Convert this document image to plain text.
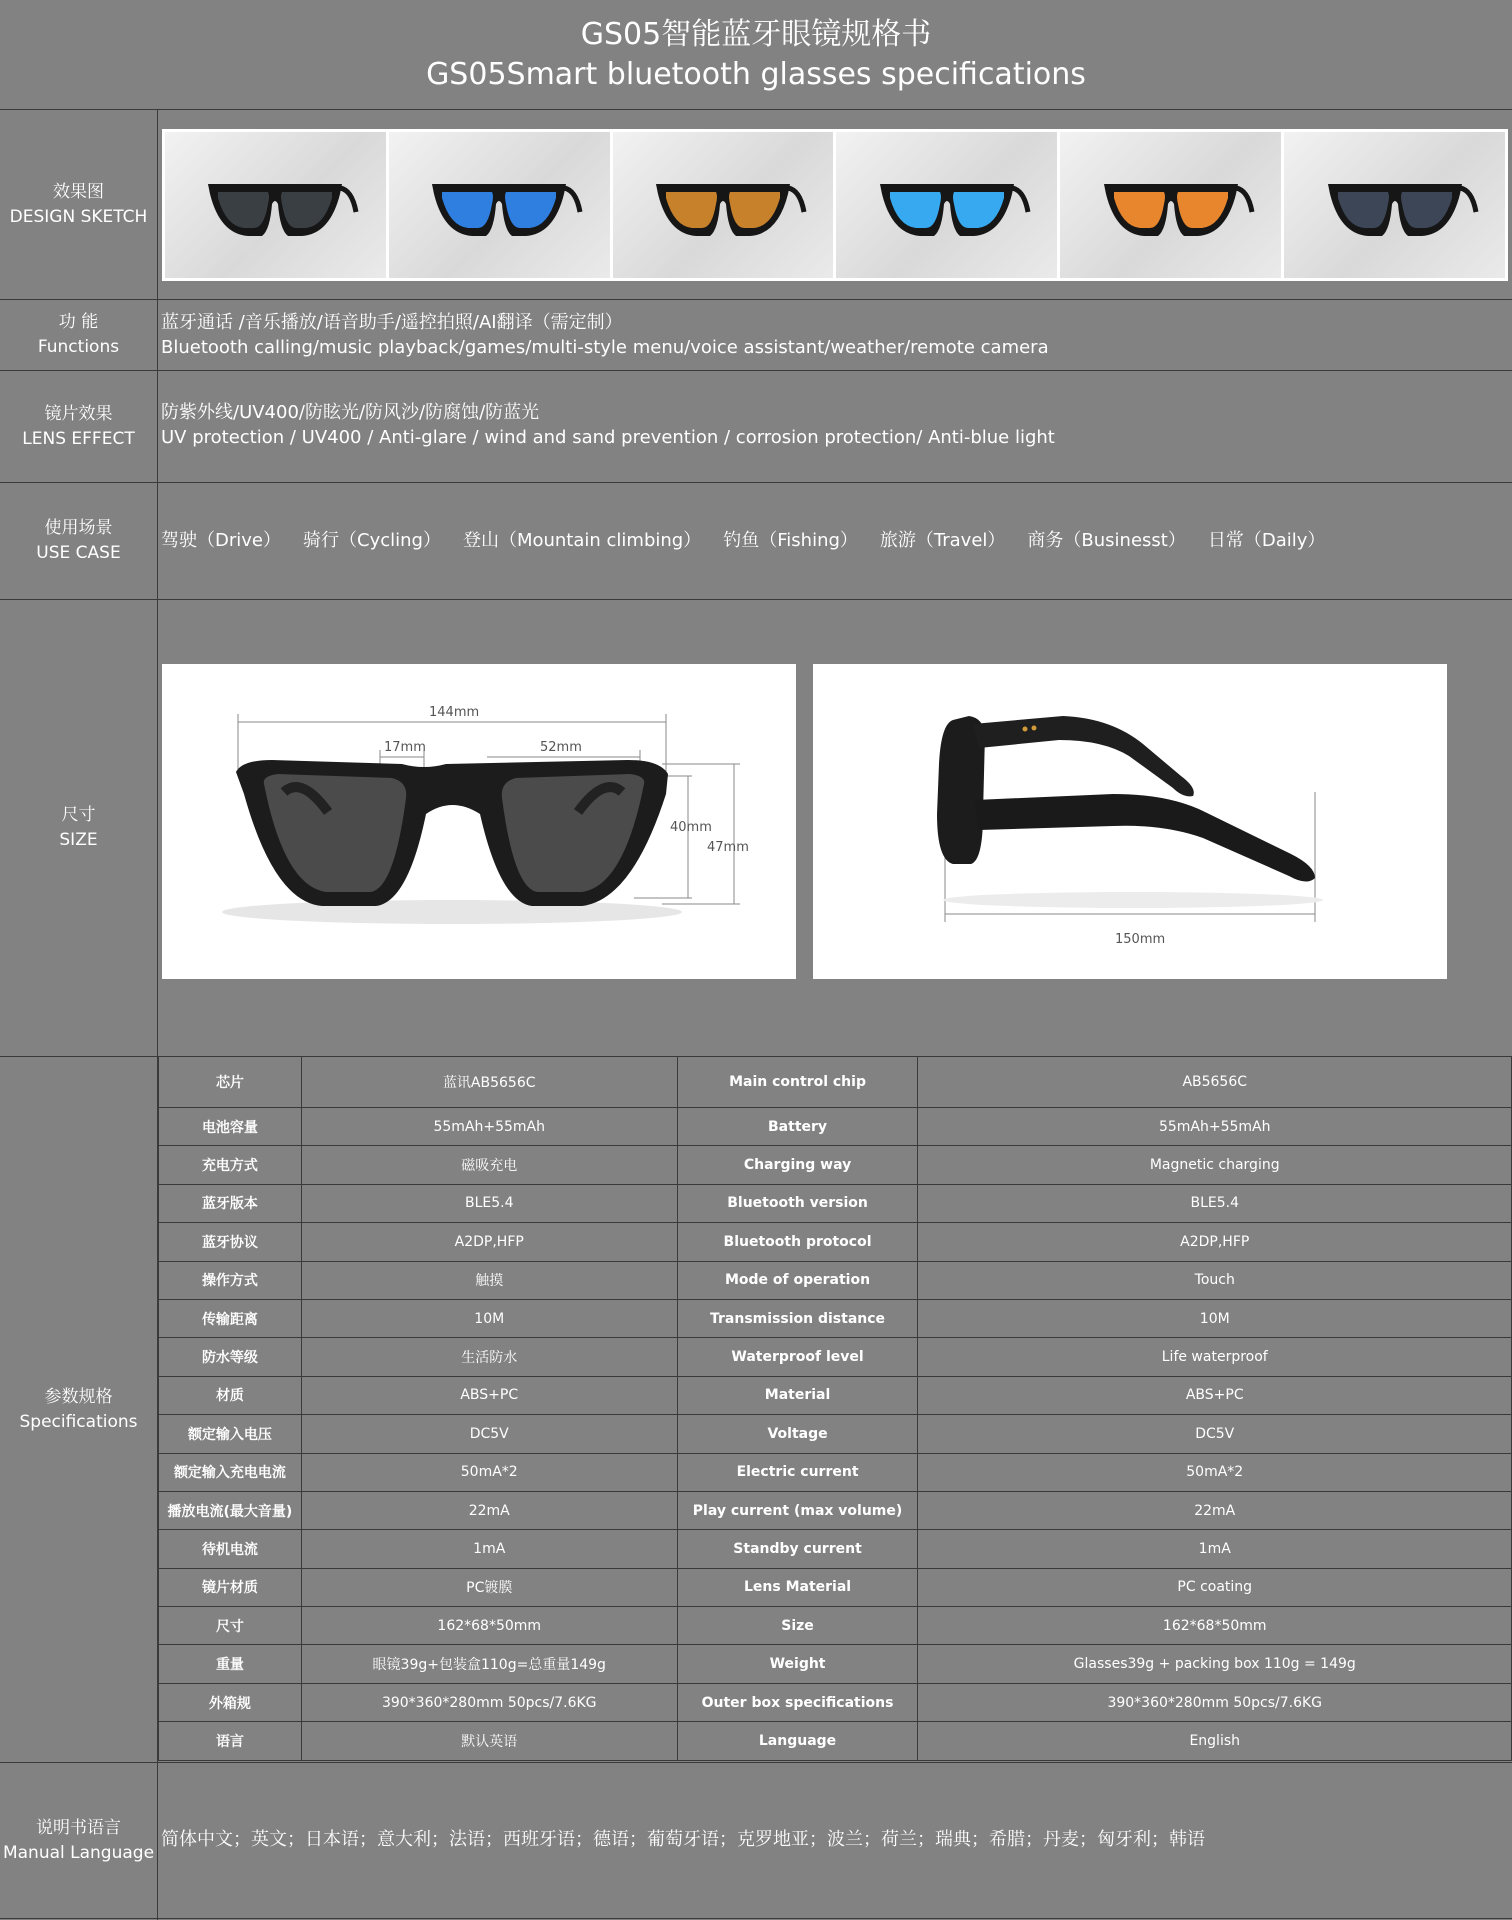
GS05智能蓝牙眼镜规格书
GS05Smart bluetooth glasses specifications
效果图
DESIGN SKETCH
功 能
Functions
蓝牙通话 /音乐播放/语音助手/遥控拍照/AI翻译（需定制）
Bluetooth calling/music playback/games/multi-style menu/voice assistant/weather/remote camera
镜片效果
LENS EFFECT
防紫外线/UV400/防眩光/防风沙/防腐蚀/防蓝光
UV protection / UV400 / Anti-glare / wind and sand prevention / corrosion protection/ Anti-blue light
使用场景
USE CASE
驾驶（Drive） 骑行（Cycling） 登山（Mountain climbing） 钓鱼（Fishing） 旅游（Travel） 商务（Businesst） 日常（Daily）
尺寸
SIZE
144mm
17mm	52mm
40mm
47mm
150mm
参数规格
Specifications
芯片	蓝讯AB5656C	Main control chip	AB5656C
电池容量	55mAh+55mAh	Battery	55mAh+55mAh
充电方式	磁吸充电	Charging way	Magnetic charging
蓝牙版本	BLE5.4	Bluetooth version	BLE5.4
蓝牙协议	A2DP,HFP	Bluetooth protocol	A2DP,HFP
操作方式	触摸	Mode of operation	Touch
传输距离	10M	Transmission distance	10M
防水等级	生活防水	Waterproof level	Life waterproof
材质	ABS+PC	Material	ABS+PC
额定输入电压	DC5V	Voltage	DC5V
额定输入充电电流	50mA*2	Electric current	50mA*2
播放电流(最大音量)	22mA	Play current (max volume)	22mA
待机电流	1mA	Standby current	1mA
镜片材质	PC镀膜	Lens Material	PC coating
尺寸	162*68*50mm	Size	162*68*50mm
重量	眼镜39g+包装盒110g=总重量149g	Weight	Glasses39g + packing box 110g = 149g
外箱规	390*360*280mm 50pcs/7.6KG	Outer box specifications	390*360*280mm 50pcs/7.6KG
语言	默认英语	Language	English
说明书语言
Manual Language
简体中文；英文；日本语；意大利；法语；西班牙语；德语；葡萄牙语；克罗地亚；波兰；荷兰；瑞典；希腊；丹麦；匈牙利；韩语
